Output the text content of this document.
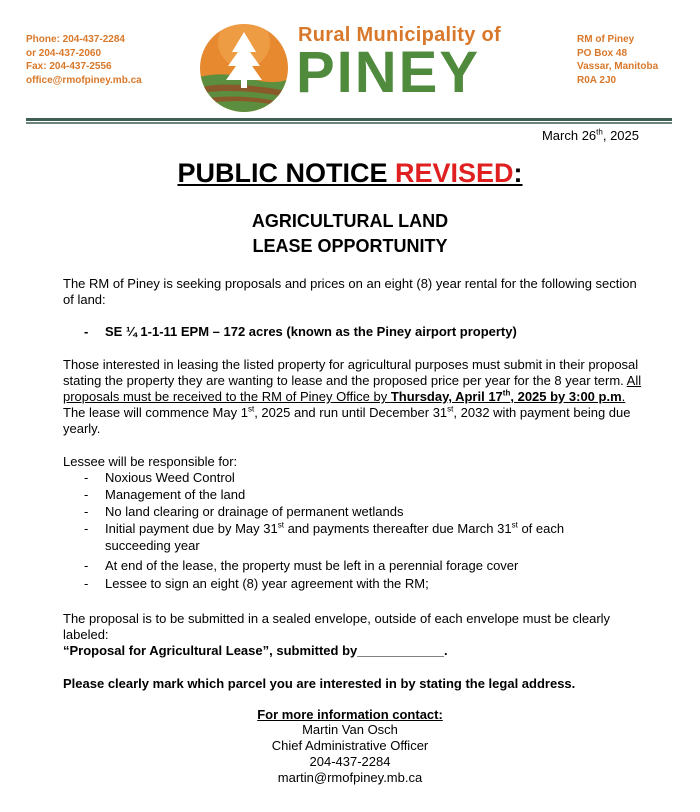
Phone: 204-437-2284
or 204-437-2060
Fax: 204-437-2556
office@rmofpiney.mb.ca
Rural Municipality of
PINEY
RM of Piney
PO Box 48
Vassar, Manitoba
R0A 2J0
March 26th, 2025
PUBLIC NOTICE REVISED:
AGRICULTURAL LAND
LEASE OPPORTUNITY
The RM of Piney is seeking proposals and prices on an eight (8) year rental for the following section of land:
- SE ¼ 1-1-11 EPM – 172 acres (known as the Piney airport property)
Those interested in leasing the listed property for agricultural purposes must submit in their proposal stating the property they are wanting to lease and the proposed price per year for the 8 year term. All proposals must be received to the RM of Piney Office by Thursday, April 17th, 2025 by 3:00 p.m. The lease will commence May 1st, 2025 and run until December 31st, 2032 with payment being due yearly.
Lessee will be responsible for:
- Noxious Weed Control
- Management of the land
- No land clearing or drainage of permanent wetlands
- Initial payment due by May 31st and payments thereafter due March 31st of each
succeeding year
- At end of the lease, the property must be left in a perennial forage cover
- Lessee to sign an eight (8) year agreement with the RM;
The proposal is to be submitted in a sealed envelope, outside of each envelope must be clearly labeled:
“Proposal for Agricultural Lease”, submitted by____________.
Please clearly mark which parcel you are interested in by stating the legal address.
For more information contact:
Martin Van Osch
Chief Administrative Officer
204-437-2284
martin@rmofpiney.mb.ca
